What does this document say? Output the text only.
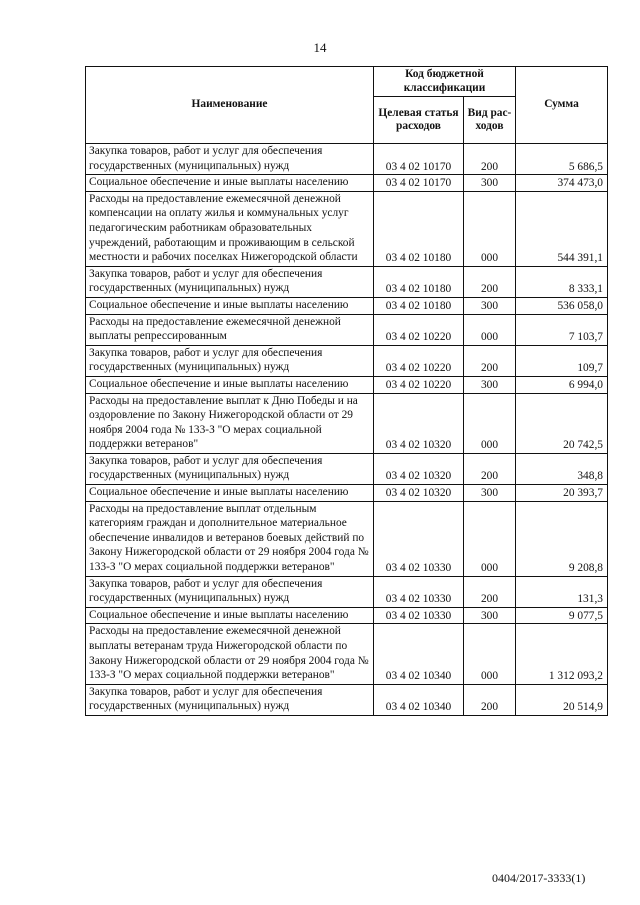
14
Наименование	Код бюджетной классификации		Сумма
	Целевая статья расходов	Вид рас-ходов	
Закупка товаров, работ и услуг для обеспечения государственных (муниципальных) нужд	03 4 02 10170	200	5 686,5
Социальное обеспечение и иные выплаты населению	03 4 02 10170	300	374 473,0
Расходы на предоставление ежемесячной денежной компенсации на оплату жилья и коммунальных услуг педагогическим работникам образовательных учреждений, работающим и проживающим в сельской местности и рабочих поселках Нижегородской области	03 4 02 10180	000	544 391,1
Закупка товаров, работ и услуг для обеспечения государственных (муниципальных) нужд	03 4 02 10180	200	8 333,1
Социальное обеспечение и иные выплаты населению	03 4 02 10180	300	536 058,0
Расходы на предоставление ежемесячной денежной выплаты репрессированным	03 4 02 10220	000	7 103,7
Закупка товаров, работ и услуг для обеспечения государственных (муниципальных) нужд	03 4 02 10220	200	109,7
Социальное обеспечение и иные выплаты населению	03 4 02 10220	300	6 994,0
Расходы на предоставление выплат к Дню Победы и на оздоровление по Закону Нижегородской области от 29 ноября 2004 года № 133-З "О мерах социальной поддержки ветеранов"	03 4 02 10320	000	20 742,5
Закупка товаров, работ и услуг для обеспечения государственных (муниципальных) нужд	03 4 02 10320	200	348,8
Социальное обеспечение и иные выплаты населению	03 4 02 10320	300	20 393,7
Расходы на предоставление выплат отдельным категориям граждан и дополнительное материальное обеспечение инвалидов и ветеранов боевых действий по Закону Нижегородской области от 29 ноября 2004 года № 133-З "О мерах социальной поддержки ветеранов"	03 4 02 10330	000	9 208,8
Закупка товаров, работ и услуг для обеспечения государственных (муниципальных) нужд	03 4 02 10330	200	131,3
Социальное обеспечение и иные выплаты населению	03 4 02 10330	300	9 077,5
Расходы на предоставление ежемесячной денежной выплаты ветеранам труда Нижегородской области по Закону Нижегородской области от 29 ноября 2004 года № 133-З "О мерах социальной поддержки ветеранов"	03 4 02 10340	000	1 312 093,2
Закупка товаров, работ и услуг для обеспечения государственных (муниципальных) нужд	03 4 02 10340	200	20 514,9
0404/2017-3333(1)
